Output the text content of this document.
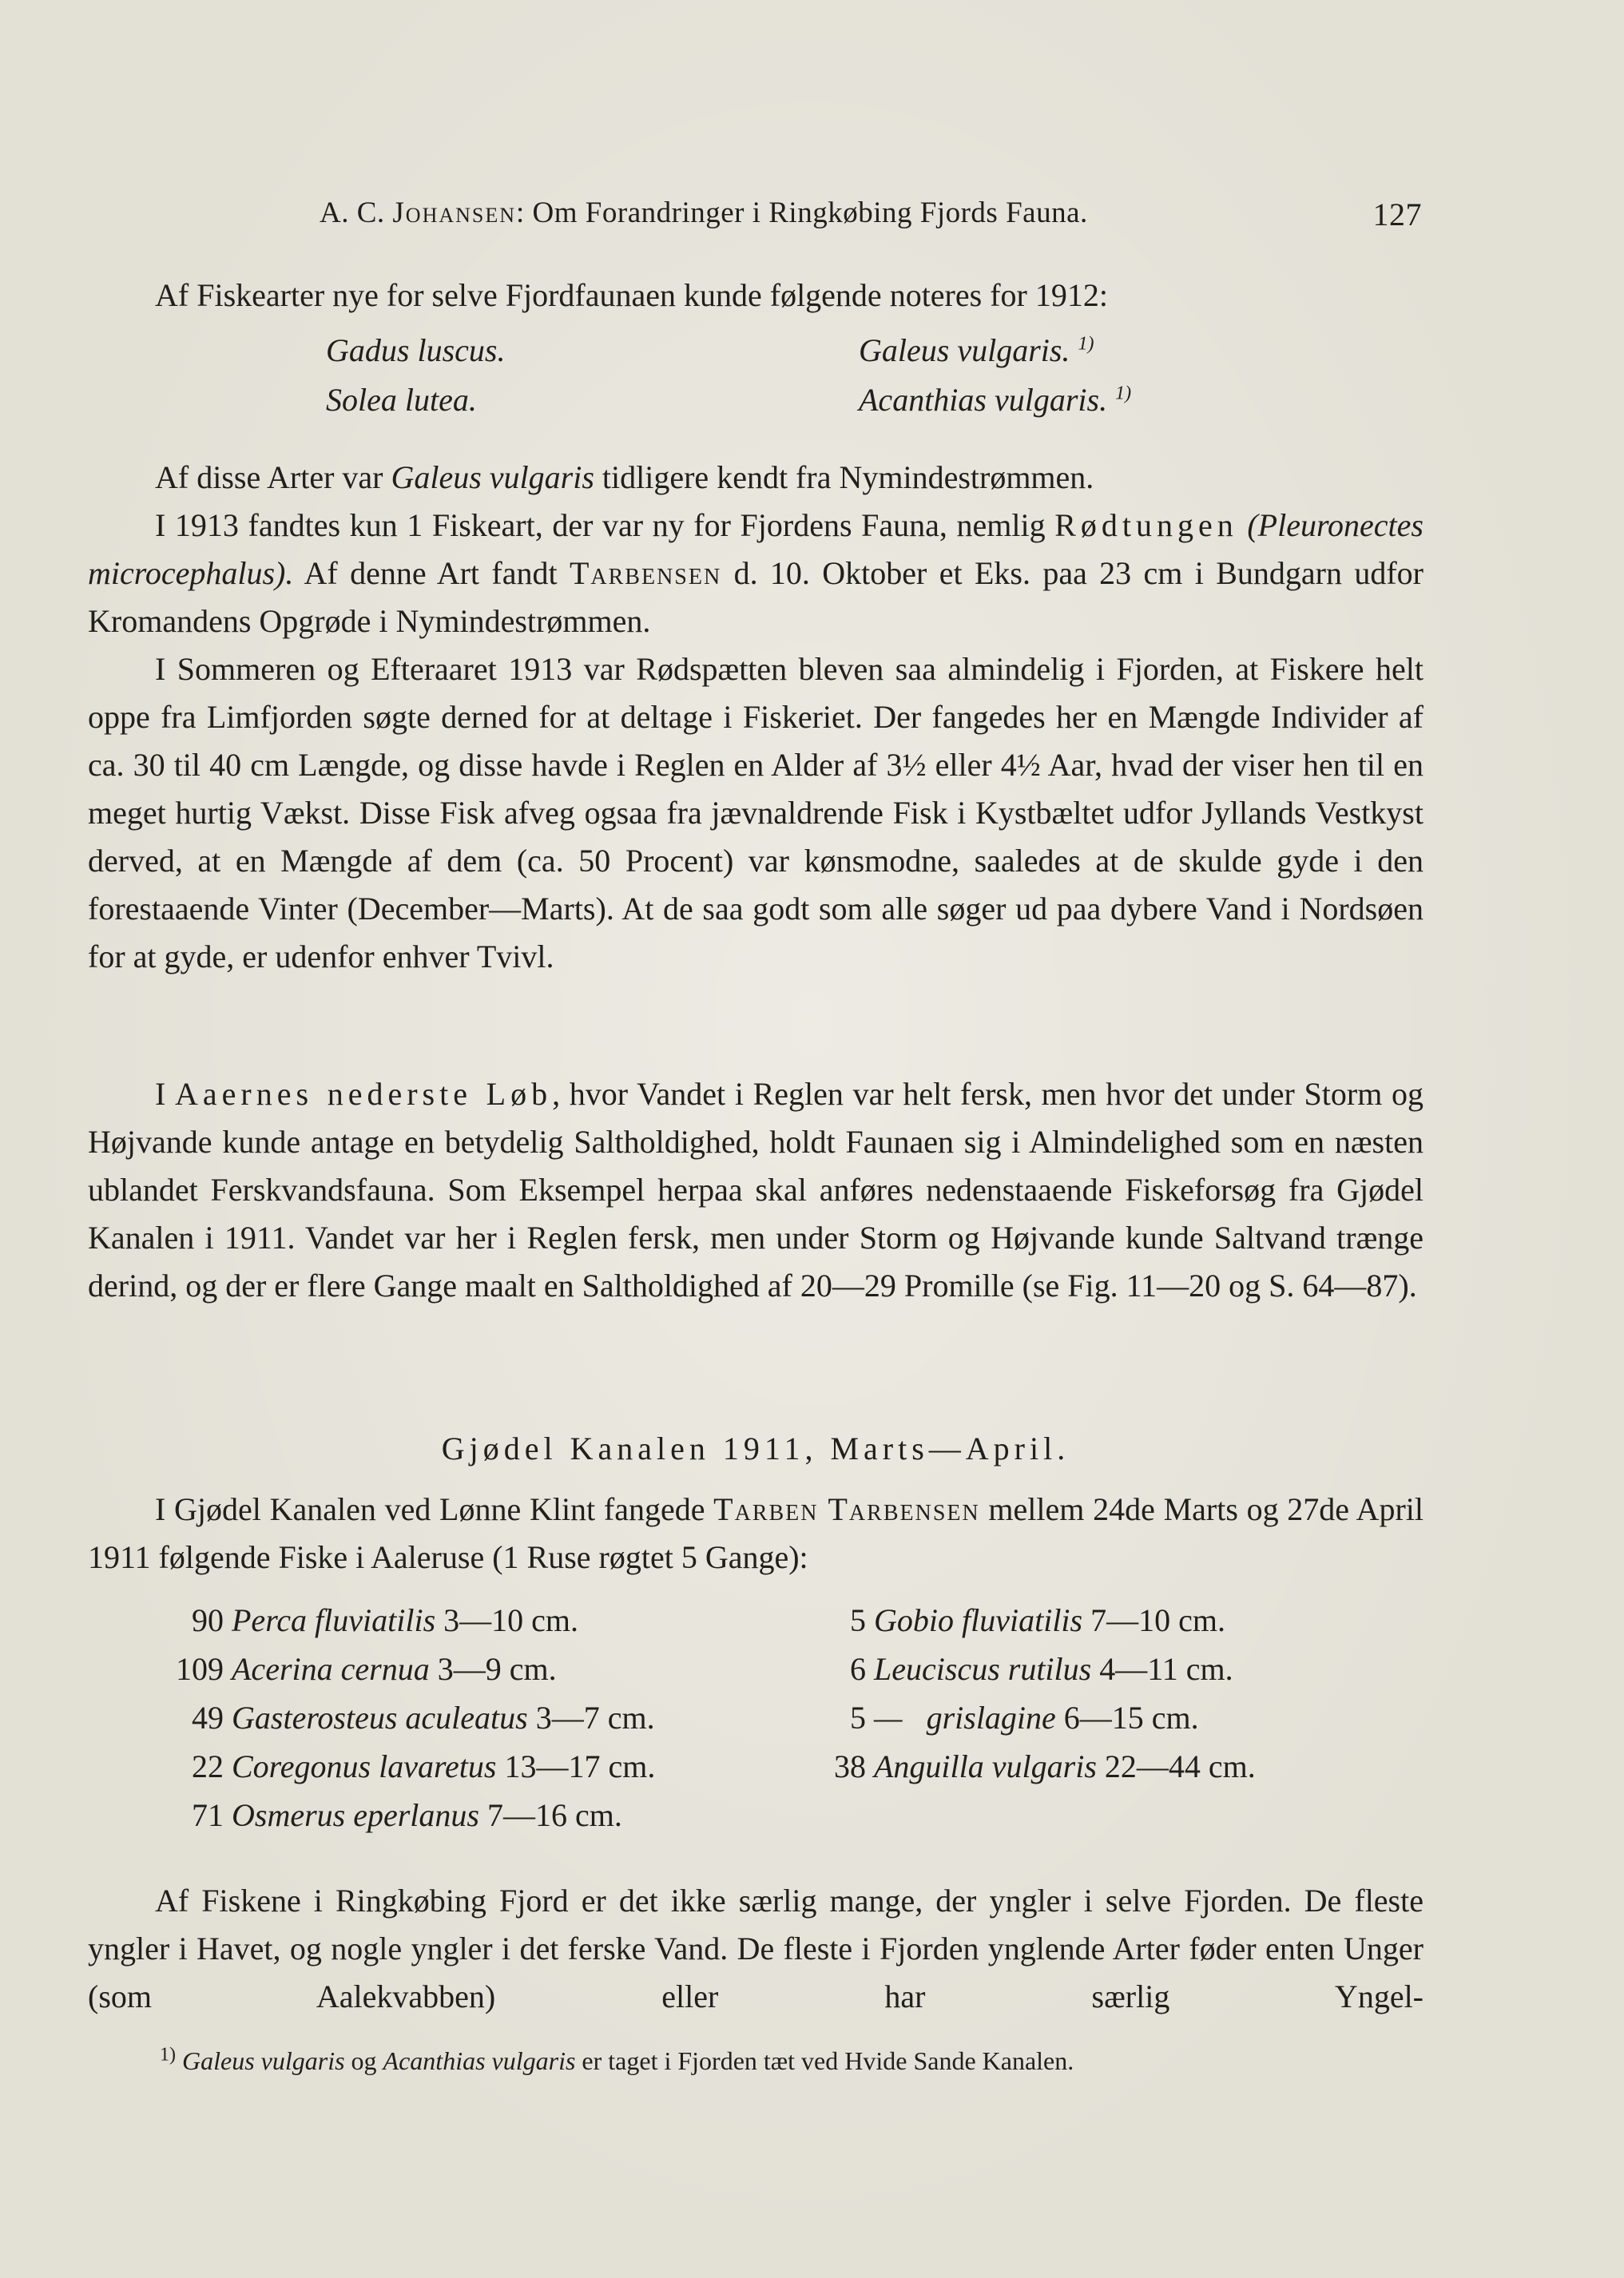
A. C. Johansen: Om Forandringer i Ringkøbing Fjords Fauna.	127

Af Fiskearter nye for selve Fjordfaunaen kunde følgende noteres for 1912:

Gadus luscus.
Solea lutea.
Galeus vulgaris. $^{1)}$
Acanthias vulgaris. $^{1)}$

Af disse Arter var Galeus vulgaris tidligere kendt fra Nymindestrømmen.

I 1913 fandtes kun 1 Fiskeart, der var ny for Fjordens Fauna, nemlig Rødtungen (Pleuronectes microcephalus). Af denne Art fandt Tarbensen d. 10. Oktober et Eks. paa 23 cm i Bundgarn udfor Kromandens Opgrøde i Nymindestrømmen.

I Sommeren og Efteraaret 1913 var Rødspætten bleven saa almindelig i Fjorden, at Fiskere helt oppe fra Limfjorden søgte derned for at deltage i Fiskeriet. Der fangedes her en Mængde Individer af ca. 30 til 40 cm Længde, og disse havde i Reglen en Alder af 3½ eller 4½ Aar, hvad der viser hen til en meget hurtig Vækst. Disse Fisk afveg ogsaa fra jævnaldrende Fisk i Kystbæltet udfor Jyllands Vestkyst derved, at en Mængde af dem (ca. 50 Procent) var kønsmodne, saaledes at de skulde gyde i den forestaaende Vinter (December—Marts). At de saa godt som alle søger ud paa dybere Vand i Nordsøen for at gyde, er udenfor enhver Tvivl.

I Aaernes nederste Løb, hvor Vandet i Reglen var helt fersk, men hvor det under Storm og Højvande kunde antage en betydelig Saltholdighed, holdt Faunaen sig i Almindelighed som en næsten ublandet Ferskvandsfauna. Som Eksempel herpaa skal anføres nedenstaaende Fiskeforsøg fra Gjødel Kanalen i 1911. Vandet var her i Reglen fersk, men under Storm og Højvande kunde Saltvand trænge derind, og der er flere Gange maalt en Saltholdighed af 20—29 Promille (se Fig. 11—20 og S. 64—87).

Gjødel Kanalen 1911, Marts—April.

I Gjødel Kanalen ved Lønne Klint fangede Tarben Tarbensen mellem 24de Marts og 27de April 1911 følgende Fiske i Aaleruse (1 Ruse røgtet 5 Gange):

90 Perca fluviatilis 3—10 cm.
109 Acerina cernua 3—9 cm.
49 Gasterosteus aculeatus 3—7 cm.
22 Coregonus lavaretus 13—17 cm.
71 Osmerus eperlanus 7—16 cm.
5 Gobio fluviatilis 7—10 cm.
6 Leuciscus rutilus 4—11 cm.
5 —   grislagine 6—15 cm.
38 Anguilla vulgaris 22—44 cm.

Af Fiskene i Ringkøbing Fjord er det ikke særlig mange, der yngler i selve Fjorden. De fleste yngler i Havet, og nogle yngler i det ferske Vand. De fleste i Fjorden ynglende Arter føder enten Unger (som Aalekvabben) eller har særlig Yngel-

$^{1)}$ Galeus vulgaris og Acanthias vulgaris er taget i Fjorden tæt ved Hvide Sande Kanalen.
